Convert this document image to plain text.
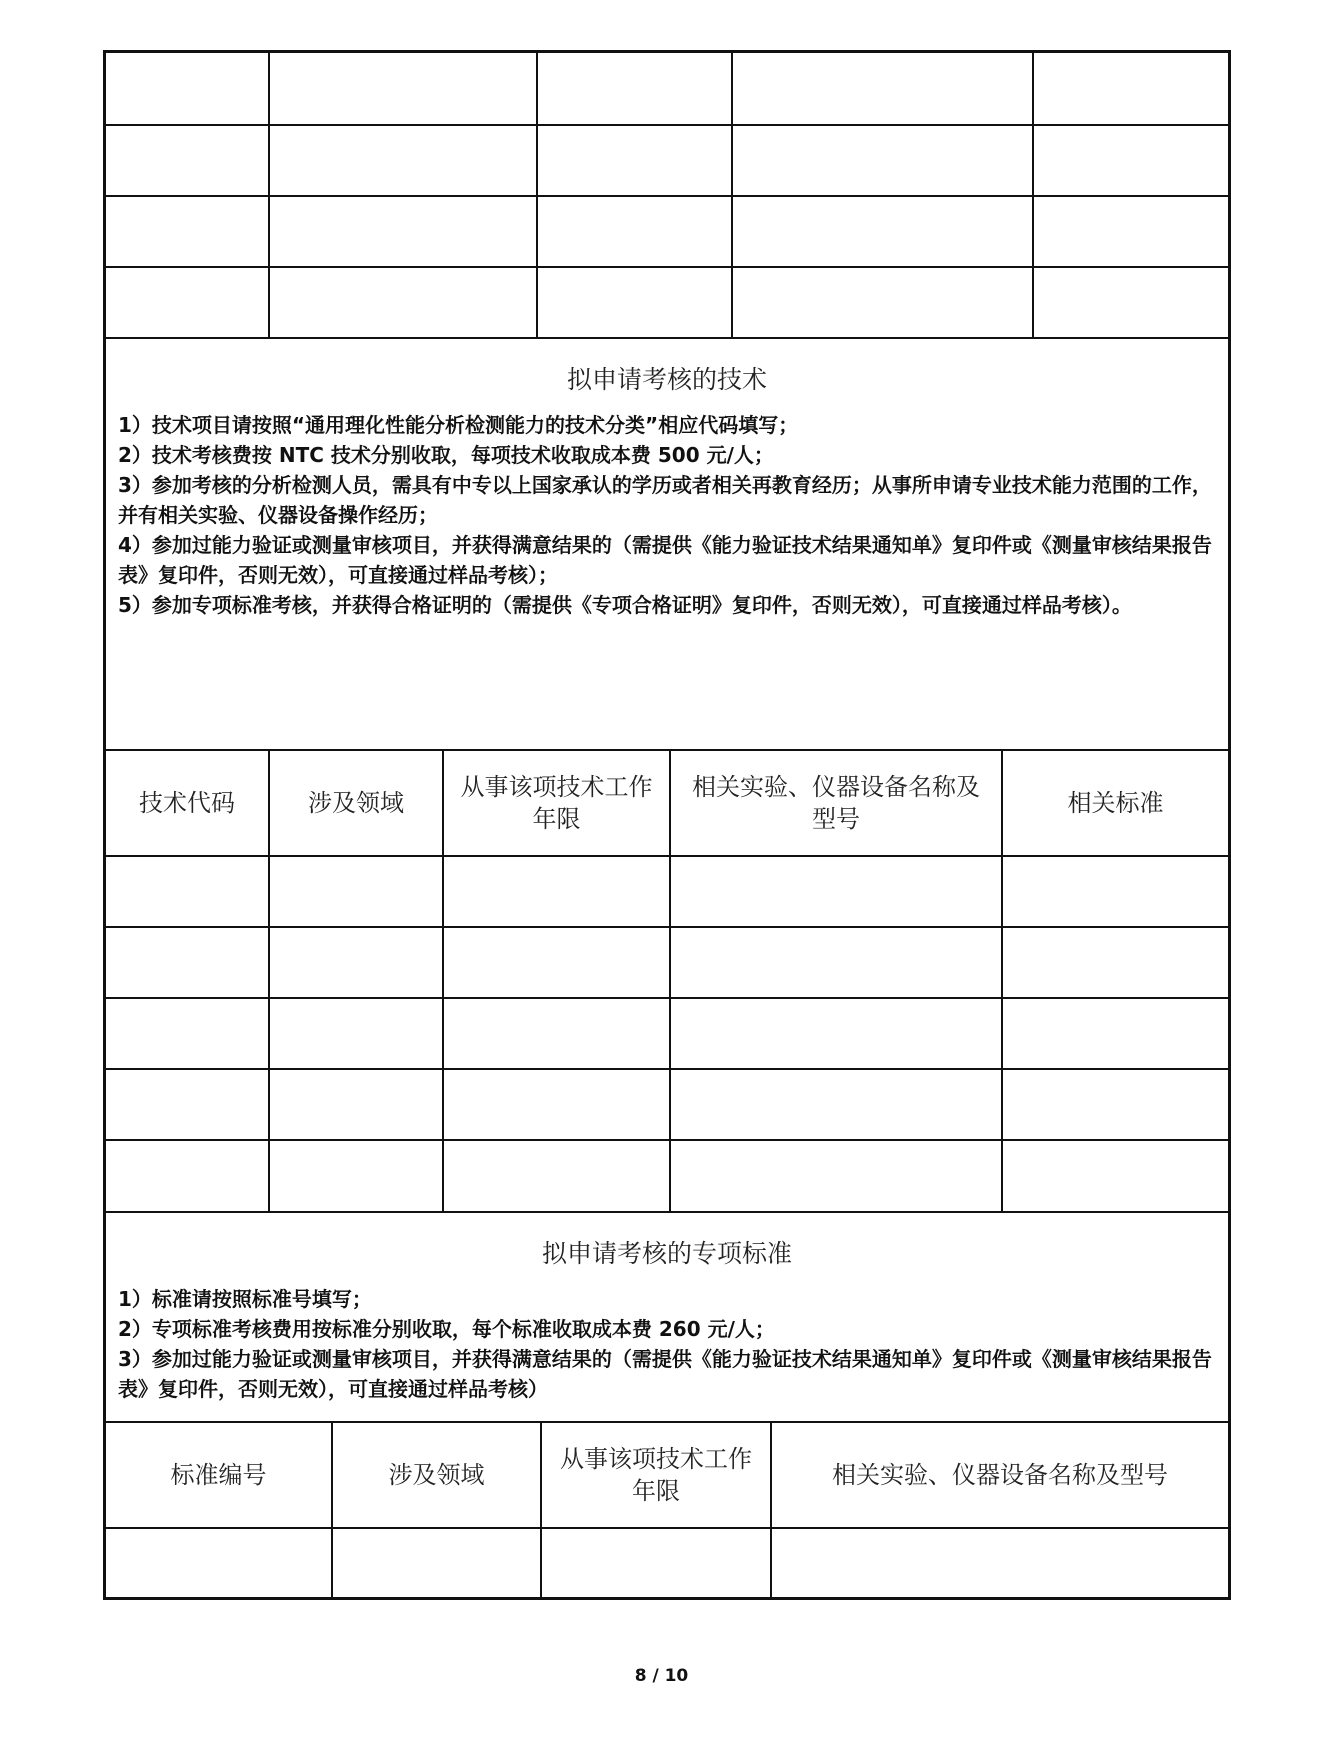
拟申请考核的技术

1）技术项目请按照“通用理化性能分析检测能力的技术分类”相应代码填写；

2）技术考核费按 NTC 技术分别收取，每项技术收取成本费 500 元/人；

3）参加考核的分析检测人员，需具有中专以上国家承认的学历或者相关再教育经历；从事所申请专业技术能力范围的工作，并有相关实验、仪器设备操作经历；

4）参加过能力验证或测量审核项目，并获得满意结果的（需提供《能力验证技术结果通知单》复印件或《测量审核结果报告表》复印件，否则无效），可直接通过样品考核）；

5）参加专项标准考核，并获得合格证明的（需提供《专项合格证明》复印件，否则无效），可直接通过样品考核）。

技术代码	涉及领域	从事该项技术工作年限	相关实验、仪器设备名称及型号	相关标准

拟申请考核的专项标准

1）标准请按照标准号填写；

2）专项标准考核费用按标准分别收取，每个标准收取成本费 260 元/人；

3）参加过能力验证或测量审核项目，并获得满意结果的（需提供《能力验证技术结果通知单》复印件或《测量审核结果报告表》复印件，否则无效），可直接通过样品考核）

标准编号	涉及领域	从事该项技术工作年限	相关实验、仪器设备名称及型号

8 / 10
